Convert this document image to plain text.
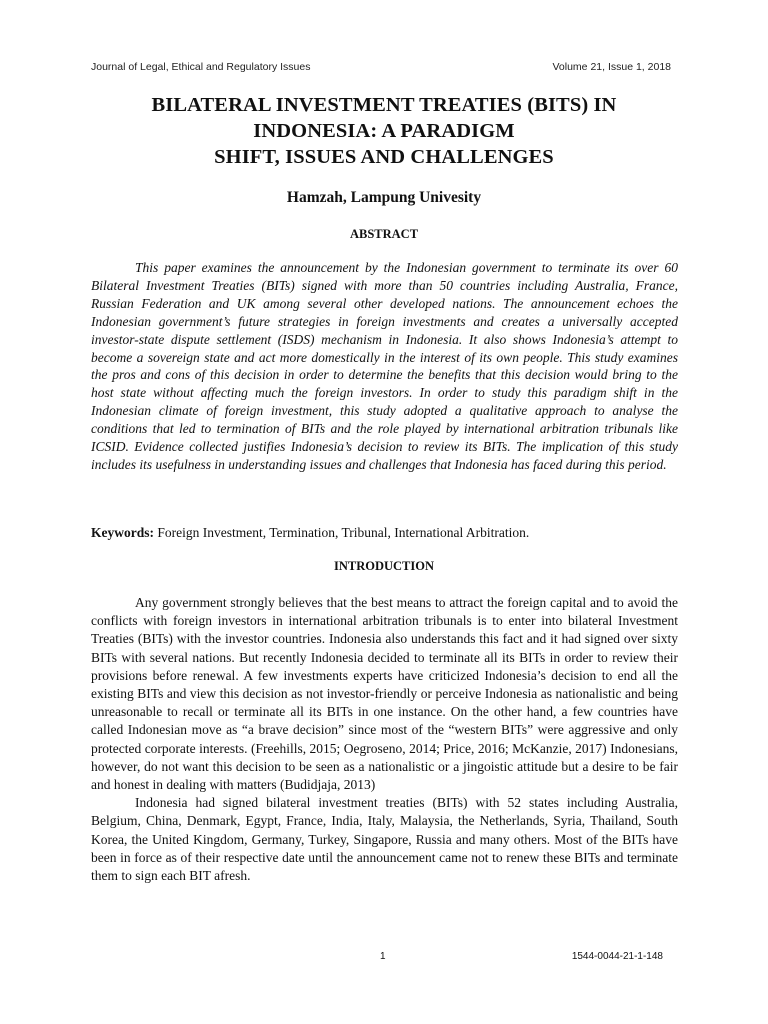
Journal of Legal, Ethical and Regulatory Issues	Volume 21, Issue 1, 2018
BILATERAL INVESTMENT TREATIES (BITS) IN
INDONESIA: A PARADIGM
SHIFT, ISSUES AND CHALLENGES
Hamzah, Lampung Univesity
ABSTRACT

This paper examines the announcement by the Indonesian government to terminate its over 60 Bilateral Investment Treaties (BITs) signed with more than 50 countries including Australia, France, Russian Federation and UK among several other developed nations. The announcement echoes the Indonesian government’s future strategies in foreign investments and creates a universally accepted investor-state dispute settlement (ISDS) mechanism in Indonesia. It also shows Indonesia’s attempt to become a sovereign state and act more domestically in the interest of its own people. This study examines the pros and cons of this decision in order to determine the benefits that this decision would bring to the host state without affecting much the foreign investors. In order to study this paradigm shift in the Indonesian climate of foreign investment, this study adopted a qualitative approach to analyse the conditions that led to termination of BITs and the role played by international arbitration tribunals like ICSID. Evidence collected justifies Indonesia’s decision to review its BITs. The implication of this study includes its usefulness in understanding issues and challenges that Indonesia has faced during this period.

Keywords: Foreign Investment, Termination, Tribunal, International Arbitration.

INTRODUCTION

Any government strongly believes that the best means to attract the foreign capital and to avoid the conflicts with foreign investors in international arbitration tribunals is to enter into bilateral Investment Treaties (BITs) with the investor countries. Indonesia also understands this fact and it had signed over sixty BITs with several nations. But recently Indonesia decided to terminate all its BITs in order to review their provisions before renewal. A few investments experts have criticized Indonesia’s decision to end all the existing BITs and view this decision as not investor-friendly or perceive Indonesia as nationalistic and being unreasonable to recall or terminate all its BITs in one instance. On the other hand, a few countries have called Indonesian move as “a brave decision” since most of the “western BITs” were aggressive and only protected corporate interests. (Freehills, 2015; Oegroseno, 2014; Price, 2016; McKanzie, 2017) Indonesians, however, do not want this decision to be seen as a nationalistic or a jingoistic attitude but a desire to be fair and honest in dealing with matters (Budidjaja, 2013)

Indonesia had signed bilateral investment treaties (BITs) with 52 states including Australia, Belgium, China, Denmark, Egypt, France, India, Italy, Malaysia, the Netherlands, Syria, Thailand, South Korea, the United Kingdom, Germany, Turkey, Singapore, Russia and many others. Most of the BITs have been in force as of their respective date until the announcement came not to renew these BITs and terminate them to sign each BIT afresh.

1	1544-0044-21-1-148
